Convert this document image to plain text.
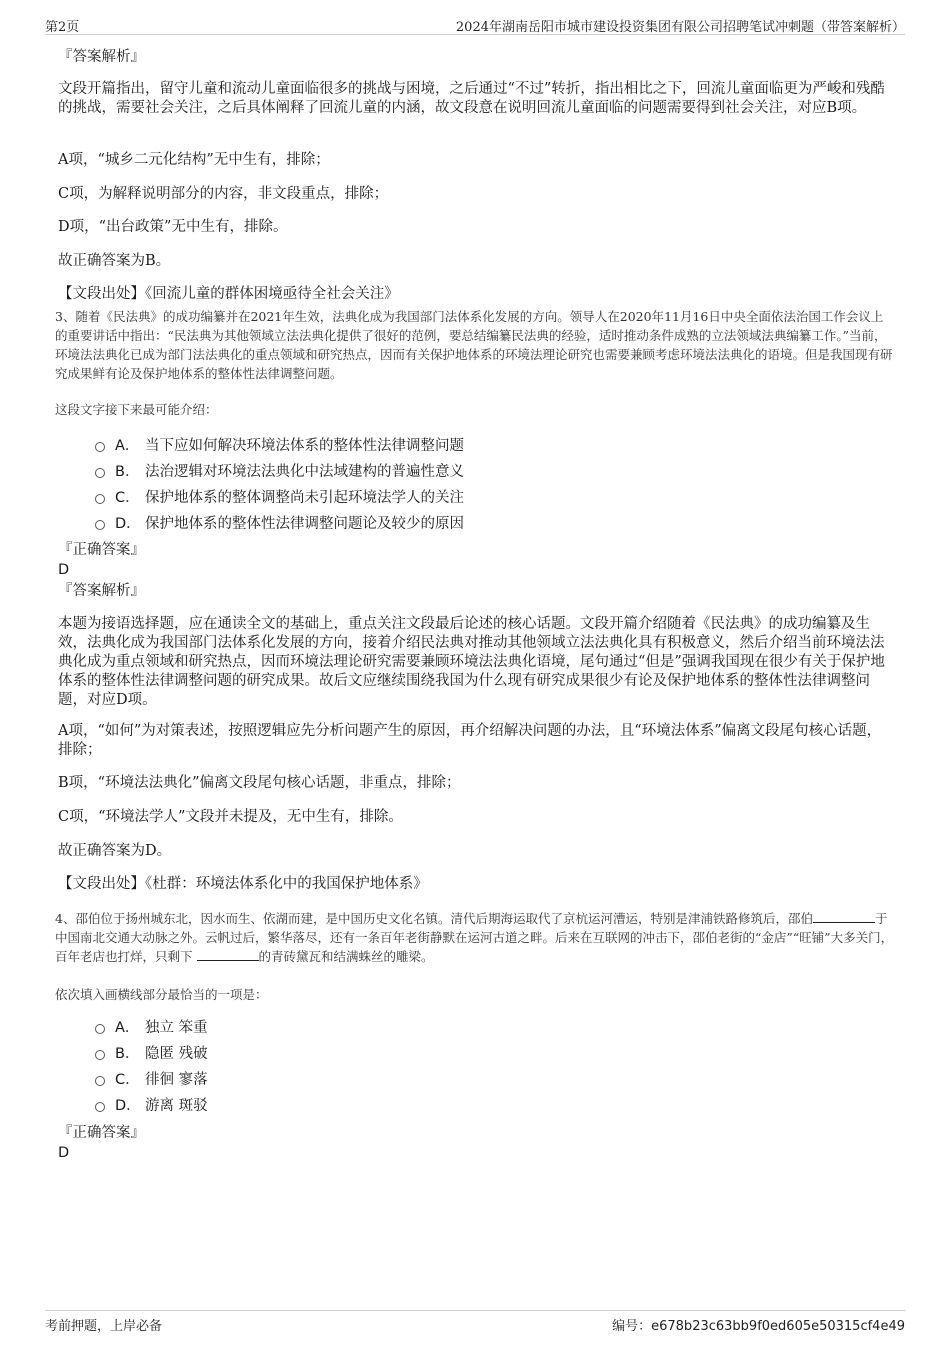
第2页	2024年湖南岳阳市城市建设投资集团有限公司招聘笔试冲刺题（带答案解析）
『答案解析』
文段开篇指出，留守儿童和流动儿童面临很多的挑战与困境，之后通过“不过”转折，指出相比之下，回流儿童面临更为严峻和残酷的挑战，需要社会关注，之后具体阐释了回流儿童的内涵，故文段意在说明回流儿童面临的问题需要得到社会关注，对应B项。
A项，“城乡二元化结构”无中生有，排除；
C项，为解释说明部分的内容，非文段重点，排除；
D项，“出台政策”无中生有，排除。
故正确答案为B。
【文段出处】《回流儿童的群体困境亟待全社会关注》
3、随着《民法典》的成功编纂并在2021年生效，法典化成为我国部门法体系化发展的方向。领导人在2020年11月16日中央全面依法治国工作会议上的重要讲话中指出：“民法典为其他领域立法法典化提供了很好的范例，要总结编纂民法典的经验，适时推动条件成熟的立法领域法典编纂工作。”当前，环境法法典化已成为部门法法典化的重点领域和研究热点，因而有关保护地体系的环境法理论研究也需要兼顾考虑环境法法典化的语境。但是我国现有研究成果鲜有论及保护地体系的整体性法律调整问题。
这段文字接下来最可能介绍：
A． 当下应如何解决环境法体系的整体性法律调整问题
B． 法治逻辑对环境法法典化中法域建构的普遍性意义
C． 保护地体系的整体调整尚未引起环境法学人的关注
D． 保护地体系的整体性法律调整问题论及较少的原因
『正确答案』
D
『答案解析』
本题为接语选择题，应在通读全文的基础上，重点关注文段最后论述的核心话题。文段开篇介绍随着《民法典》的成功编纂及生效，法典化成为我国部门法体系化发展的方向，接着介绍民法典对推动其他领域立法法典化具有积极意义，然后介绍当前环境法法典化成为重点领域和研究热点，因而环境法理论研究需要兼顾环境法法典化语境，尾句通过“但是”强调我国现在很少有关于保护地体系的整体性法律调整问题的研究成果。故后文应继续围绕我国为什么现有研究成果很少有论及保护地体系的整体性法律调整问题，对应D项。
A项，“如何”为对策表述，按照逻辑应先分析问题产生的原因，再介绍解决问题的办法，且“环境法体系”偏离文段尾句核心话题，排除；
B项，“环境法法典化”偏离文段尾句核心话题，非重点，排除；
C项，“环境法学人”文段并未提及，无中生有，排除。
故正确答案为D。
【文段出处】《杜群：环境法体系化中的我国保护地体系》
4、邵伯位于扬州城东北，因水而生、依湖而建，是中国历史文化名镇。清代后期海运取代了京杭运河漕运，特别是津浦铁路修筑后，邵伯	于中国南北交通大动脉之外。云帆过后，繁华落尽，还有一条百年老街静默在运河古道之畔。后来在互联网的冲击下，邵伯老街的“金店”“旺铺”大多关门，百年老店也打烊，只剩下	的青砖黛瓦和结满蛛丝的雕梁。
依次填入画横线部分最恰当的一项是：
A． 独立 笨重
B． 隐匿 残破
C． 徘徊 寥落
D． 游离 斑驳
『正确答案』
D
考前押题，上岸必备	编号：e678b23c63bb9f0ed605e50315cf4e49
